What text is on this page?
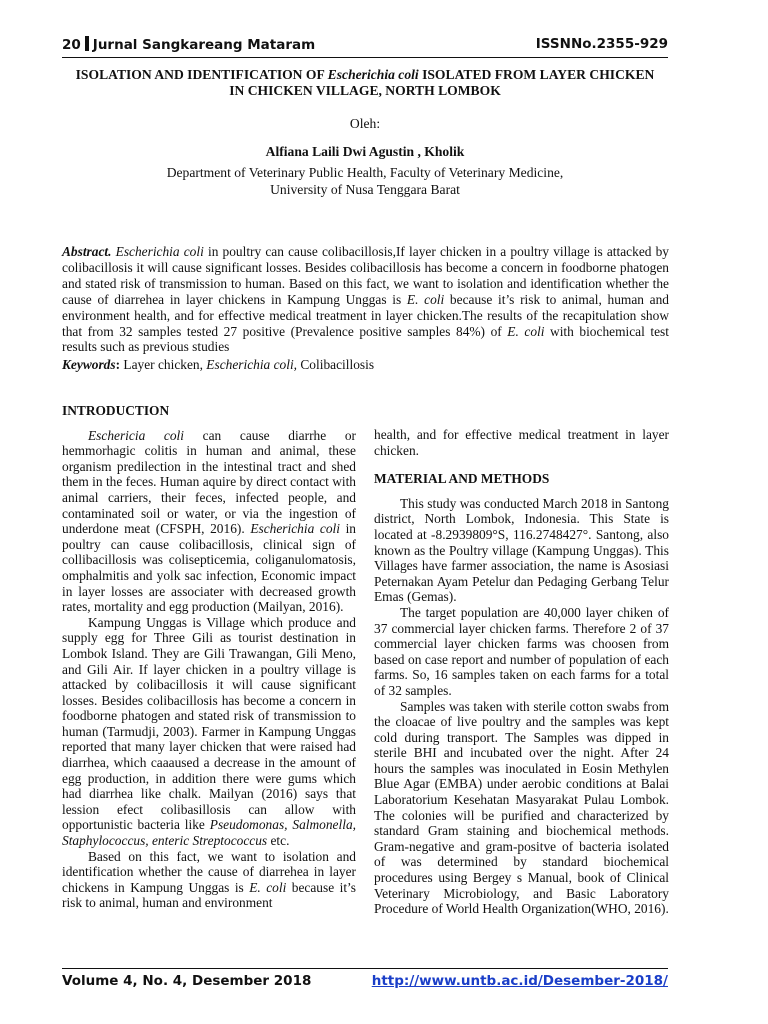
20 Jurnal Sangkareang Mataram	ISSNNo.2355-929
ISOLATION AND IDENTIFICATION OF Escherichia coli ISOLATED FROM LAYER CHICKEN IN CHICKEN VILLAGE, NORTH LOMBOK
Oleh:
Alfiana Laili Dwi Agustin , Kholik
Department of Veterinary Public Health, Faculty of Veterinary Medicine,
University of Nusa Tenggara Barat
Abstract. Escherichia coli in poultry can cause colibacillosis,If layer chicken in a poultry village is attacked by colibacillosis it will cause significant losses. Besides colibacillosis has become a concern in foodborne phatogen and stated risk of transmission to human. Based on this fact, we want to isolation and identification whether the cause of diarrehea in layer chickens in Kampung Unggas is E. coli because it’s risk to animal, human and environment health, and for effective medical treatment in layer chicken.The results of the recapitulation show that from 32 samples tested 27 positive (Prevalence positive samples 84%) of E. coli with biochemical test results such as previous studies
Keywords: Layer chicken, Escherichia coli, Colibacillosis
INTRODUCTION

Eschericia coli can cause diarrhe or hemmorhagic colitis in human and animal, these organism predilection in the intestinal tract and shed them in the feces. Human aquire by direct contact with animal carriers, their feces, infected people, and contaminated soil or water, or via the ingestion of underdone meat (CFSPH, 2016). Escherichia coli in poultry can cause colibacillosis, clinical sign of collibacillosis was colisepticemia, coliganulomatosis, omphalmitis and yolk sac infection, Economic impact in layer losses are associater with decreased growth rates, mortality and egg production (Mailyan, 2016).

Kampung Unggas is Village which produce and supply egg for Three Gili as tourist destination in Lombok Island. They are Gili Trawangan, Gili Meno, and Gili Air. If layer chicken in a poultry village is attacked by colibacillosis it will cause significant losses. Besides colibacillosis has become a concern in foodborne phatogen and stated risk of transmission to human (Tarmudji, 2003). Farmer in Kampung Unggas reported that many layer chicken that were raised had diarrhea, which caaaused a decrease in the amount of egg production, in addition there were gums which had diarrhea like chalk. Mailyan (2016) says that lession efect colibasillosis can allow with opportunistic bacteria like Pseudomonas, Salmonella, Staphylococcus, enteric Streptococcus etc.

Based on this fact, we want to isolation and identification whether the cause of diarrehea in layer chickens in Kampung Unggas is E. coli because it’s risk to animal, human and environment

health, and for effective medical treatment in layer chicken.

MATERIAL AND METHODS

This study was conducted March 2018 in Santong district, North Lombok, Indonesia. This State is located at -8.2939809°S, 116.2748427°. Santong, also known as the Poultry village (Kampung Unggas). This Villages have farmer association, the name is Asosiasi Peternakan Ayam Petelur dan Pedaging Gerbang Telur Emas (Gemas).

The target population are 40,000 layer chiken of 37 commercial layer chicken farms. Therefore 2 of 37 commercial layer chicken farms was choosen from based on case report and number of population of each farms. So, 16 samples taken on each farms for a total of 32 samples.

Samples was taken with sterile cotton swabs from the cloacae of live poultry and the samples was kept cold during transport. The Samples was dipped in sterile BHI and incubated over the night. After 24 hours the samples was inoculated in Eosin Methylen Blue Agar (EMBA) under aerobic conditions at Balai Laboratorium Kesehatan Masyarakat Pulau Lombok. The colonies will be purified and characterized by standard Gram staining and biochemical methods. Gram-negative and gram-positve of bacteria isolated of was determined by standard biochemical procedures using Bergey s Manual, book of Clinical Veterinary Microbiology, and Basic Laboratory Procedure of World Health Organization(WHO, 2016).

Volume 4, No. 4, Desember 2018	http://www.untb.ac.id/Desember-2018/
